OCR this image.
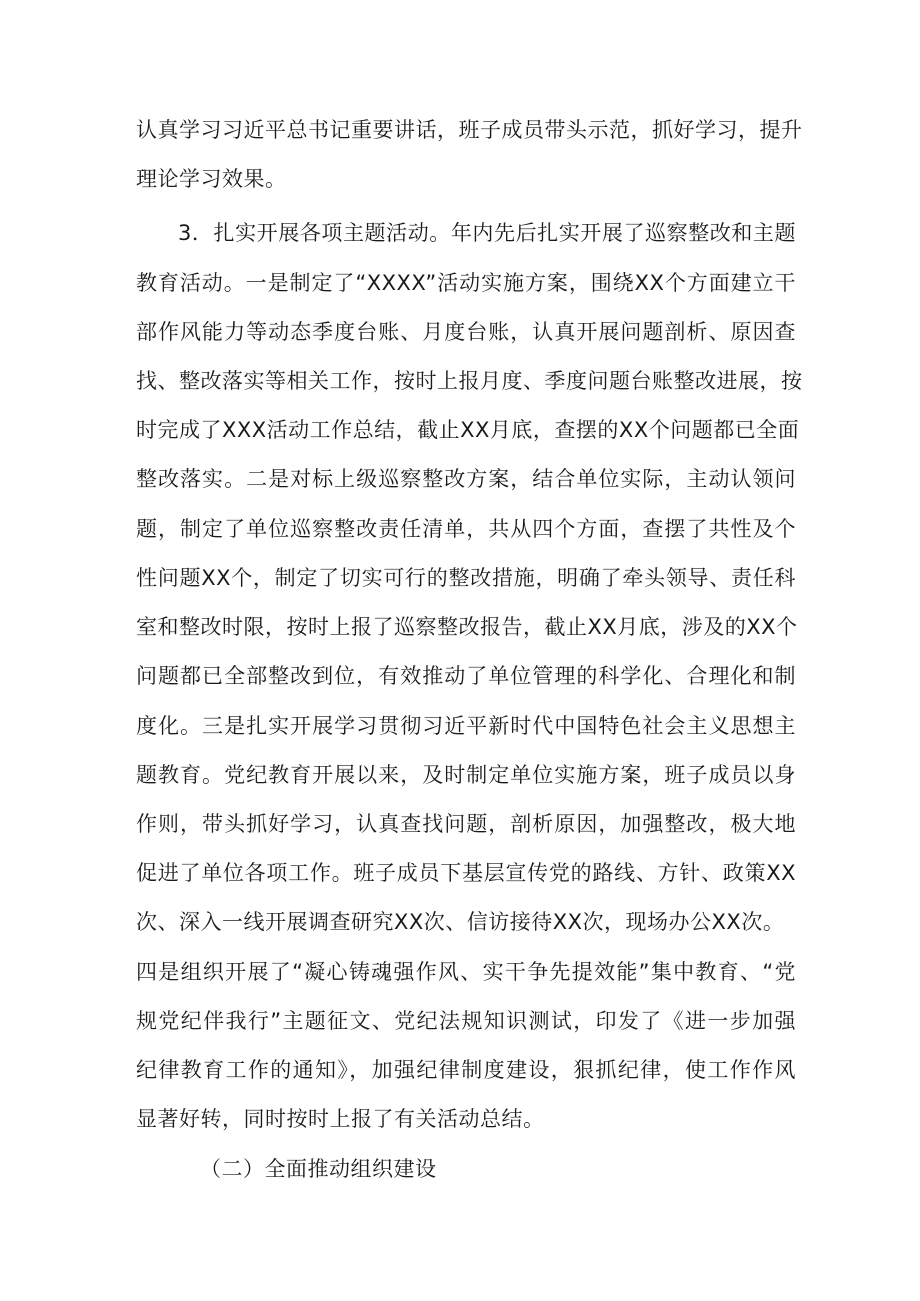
认真学习习近平总书记重要讲话，班子成员带头示范，抓好学习，提升
理论学习效果。
3．扎实开展各项主题活动。年内先后扎实开展了巡察整改和主题
教育活动。一是制定了“XXXX”活动实施方案，围绕XX个方面建立干
部作风能力等动态季度台账、月度台账，认真开展问题剖析、原因查
找、整改落实等相关工作，按时上报月度、季度问题台账整改进展，按
时完成了XXX活动工作总结，截止XX月底，查摆的XX个问题都已全面
整改落实。二是对标上级巡察整改方案，结合单位实际，主动认领问
题，制定了单位巡察整改责任清单，共从四个方面，查摆了共性及个
性问题XX个，制定了切实可行的整改措施，明确了牵头领导、责任科
室和整改时限，按时上报了巡察整改报告，截止XX月底，涉及的XX个
问题都已全部整改到位，有效推动了单位管理的科学化、合理化和制
度化。三是扎实开展学习贯彻习近平新时代中国特色社会主义思想主
题教育。党纪教育开展以来，及时制定单位实施方案，班子成员以身
作则，带头抓好学习，认真查找问题，剖析原因，加强整改，极大地
促进了单位各项工作。班子成员下基层宣传党的路线、方针、政策XX
次、深入一线开展调查研究XX次、信访接待XX次，现场办公XX次。
四是组织开展了“凝心铸魂强作风、实干争先提效能”集中教育、“党
规党纪伴我行”主题征文、党纪法规知识测试，印发了《进一步加强
纪律教育工作的通知》，加强纪律制度建设，狠抓纪律，使工作作风
显著好转，同时按时上报了有关活动总结。
（二）全面推动组织建设
